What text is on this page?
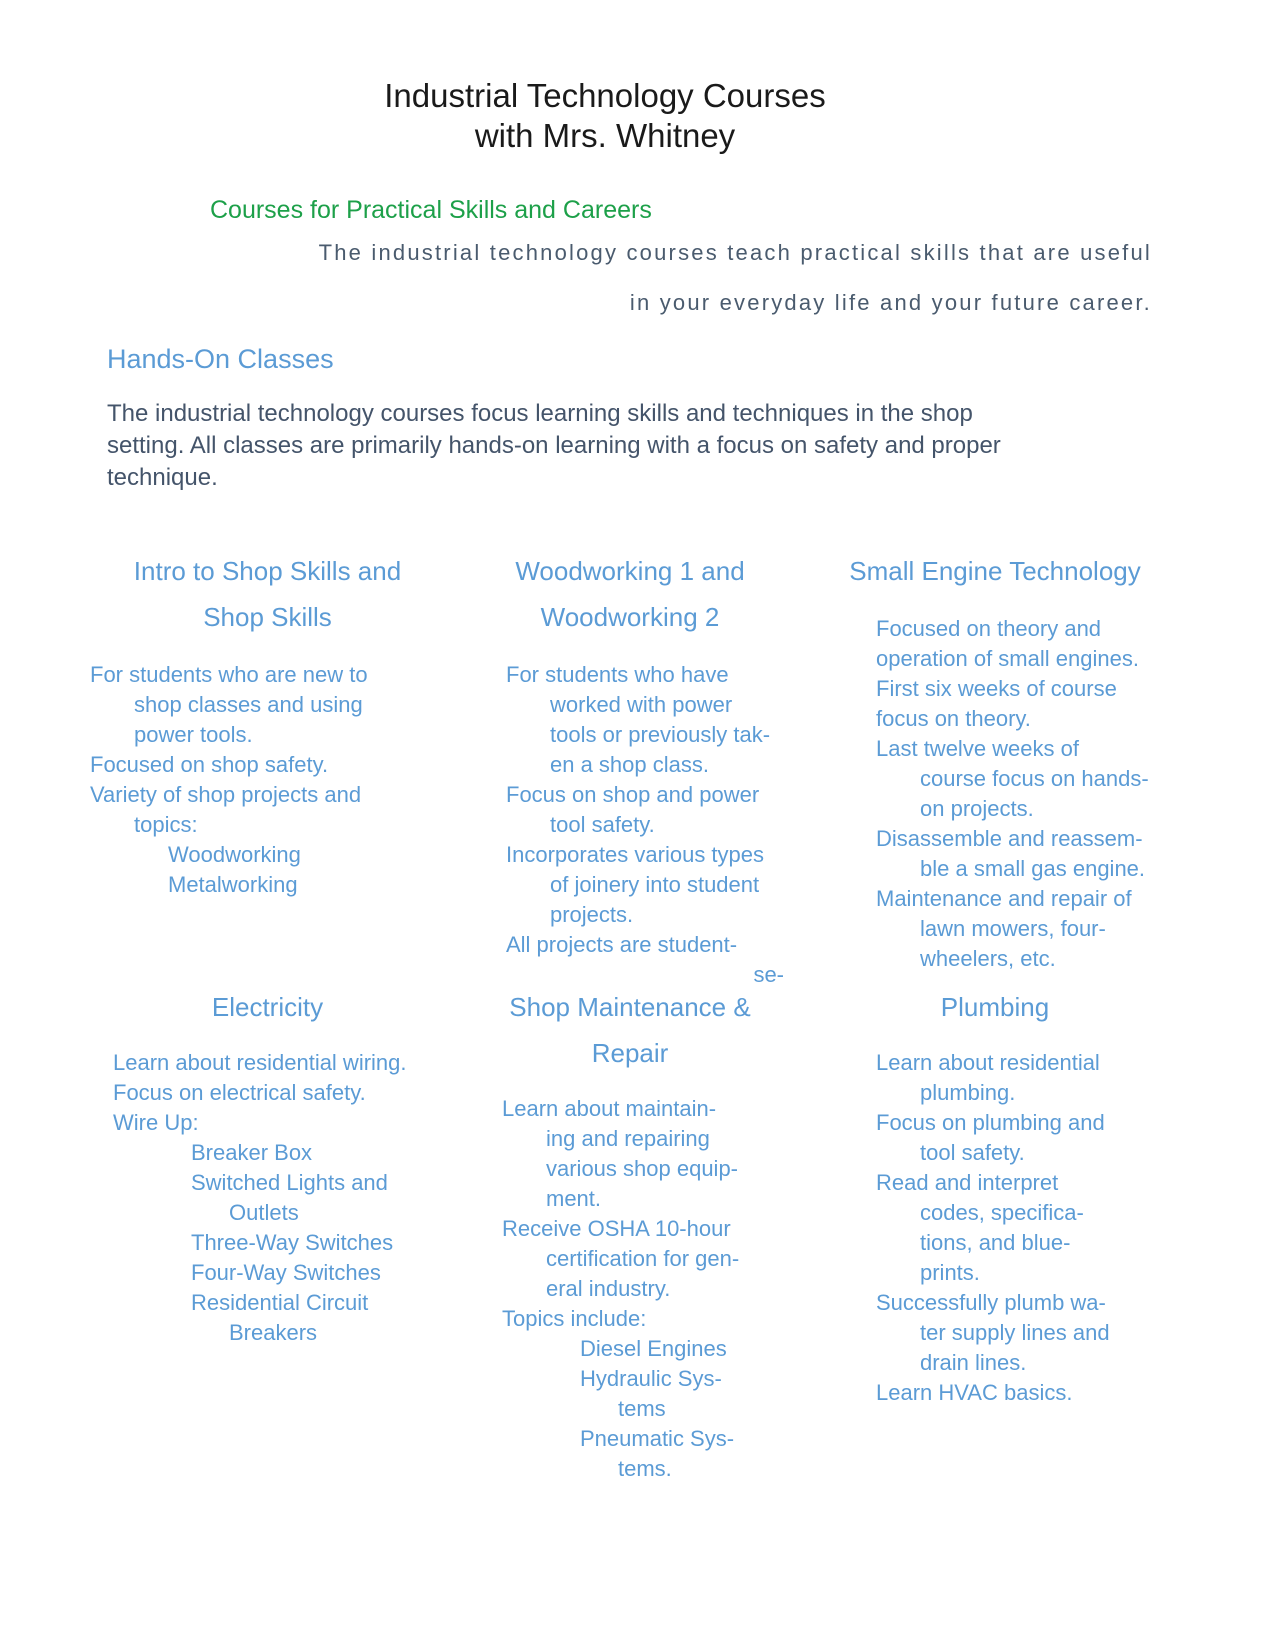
Industrial Technology Courses
with Mrs. Whitney
Courses for Practical Skills and Careers
The industrial technology courses teach practical skills that are useful
in your everyday life and your future career.
Hands-On Classes
The industrial technology courses focus learning skills and techniques in the shop
setting. All classes are primarily hands-on learning with a focus on safety and proper
technique.
Intro to Shop Skills and
Shop Skills
For students who are new to
shop classes and using
power tools.
Focused on shop safety.
Variety of shop projects and
topics:
Woodworking
Metalworking
Woodworking 1 and
Woodworking 2
For students who have
worked with power
tools or previously tak-
en a shop class.
Focus on shop and power
tool safety.
Incorporates various types
of joinery into student
projects.
All projects are student-
se-
Small Engine Technology
Focused on theory and
operation of small engines.
First six weeks of course
focus on theory.
Last twelve weeks of
course focus on hands-
on projects.
Disassemble and reassem-
ble a small gas engine.
Maintenance and repair of
lawn mowers, four-
wheelers, etc.
Electricity
Learn about residential wiring.
Focus on electrical safety.
Wire Up:
Breaker Box
Switched Lights and
Outlets
Three-Way Switches
Four-Way Switches
Residential Circuit
Breakers
Shop Maintenance &
Repair
Learn about maintain-
ing and repairing
various shop equip-
ment.
Receive OSHA 10-hour
certification for gen-
eral industry.
Topics include:
Diesel Engines
Hydraulic Sys-
tems
Pneumatic Sys-
tems.
Plumbing
Learn about residential
plumbing.
Focus on plumbing and
tool safety.
Read and interpret
codes, specifica-
tions, and blue-
prints.
Successfully plumb wa-
ter supply lines and
drain lines.
Learn HVAC basics.
